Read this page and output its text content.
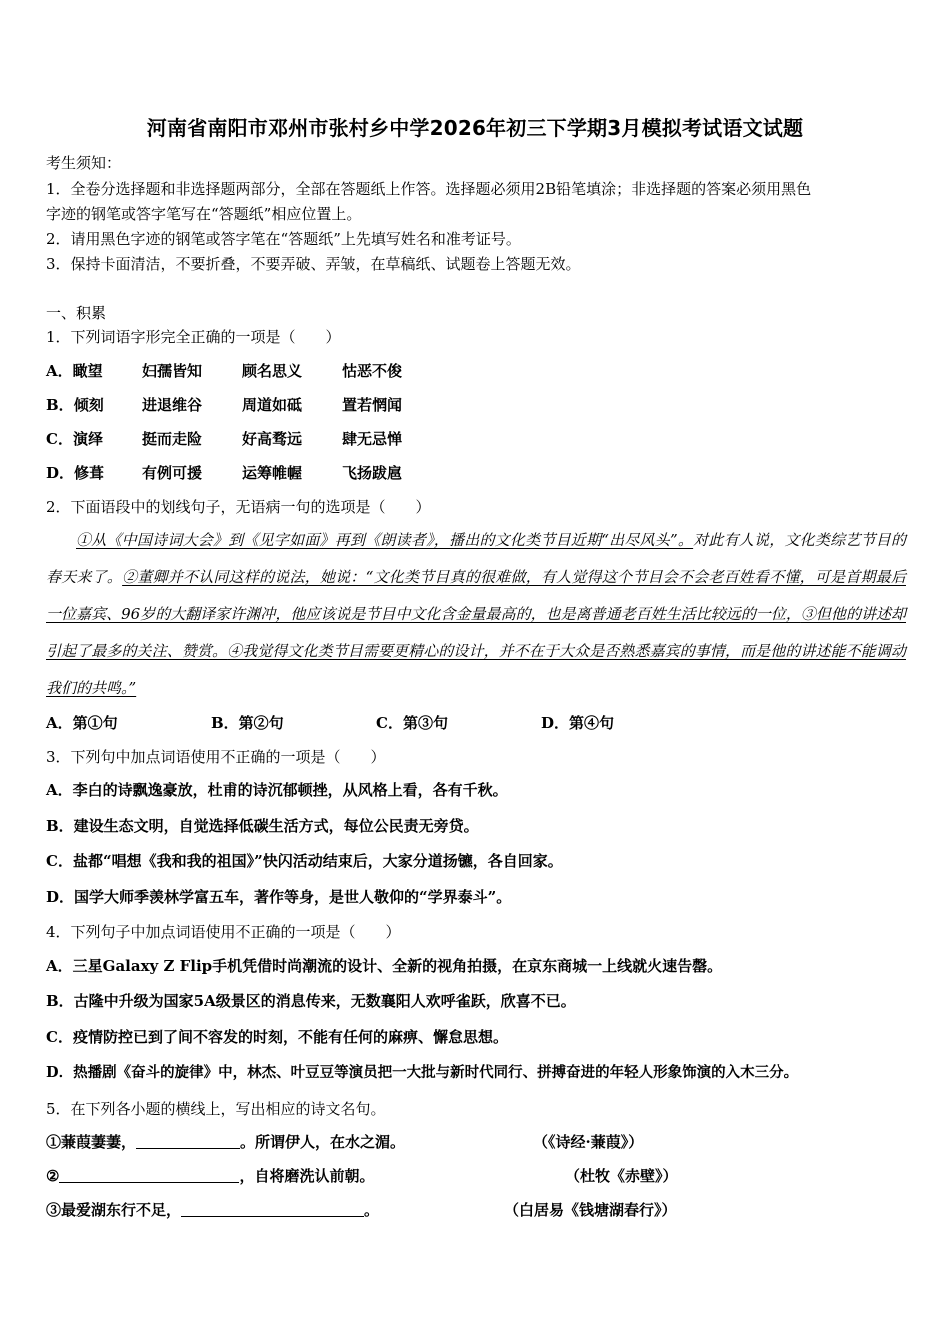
河南省南阳市邓州市张村乡中学2026年初三下学期3月模拟考试语文试题
考生须知：
1．全卷分选择题和非选择题两部分，全部在答题纸上作答。选择题必须用2B铅笔填涂；非选择题的答案必须用黑色
字迹的钢笔或答字笔写在“答题纸”相应位置上。
2．请用黑色字迹的钢笔或答字笔在“答题纸”上先填写姓名和准考证号。
3．保持卡面清洁，不要折叠，不要弄破、弄皱，在草稿纸、试题卷上答题无效。
一、积累
1．下列词语字形完全正确的一项是（　　）
A．瞰望	妇孺皆知	顾名思义	怙恶不俊
B．倾刻	进退维谷	周道如砥	置若惘闻
C．演绎	挺而走险	好高骛远	肆无忌惮
D．修葺	有例可援	运筹帷幄	飞扬跋扈
2．下面语段中的划线句子，无语病一句的选项是（　　）
①从《中国诗词大会》到《见字如面》再到《朗读者》，播出的文化类节目近期“出尽风头”。对此有人说，文化类综艺节目的春天来了。②董卿并不认同这样的说法，她说：“文化类节目真的很难做，有人觉得这个节目会不会老百姓看不懂，可是首期最后一位嘉宾、96岁的大翻译家许渊冲，他应该说是节目中文化含金量最高的，也是离普通老百姓生活比较远的一位，③但他的讲述却引起了最多的关注、赞赏。④我觉得文化类节目需要更精心的设计，并不在于大众是否熟悉嘉宾的事情，而是他的讲述能不能调动我们的共鸣。”
A．第①句	B．第②句	C．第③句	D．第④句
3．下列句中加点词语使用不正确的一项是（　　）
A．李白的诗飘逸豪放，杜甫的诗沉郁顿挫，从风格上看，各有千秋。
B．建设生态文明，自觉选择低碳生活方式，每位公民责无旁贷。
C．盐都“唱想《我和我的祖国》”快闪活动结束后，大家分道扬镳，各自回家。
D．国学大师季羡林学富五车，著作等身，是世人敬仰的“学界泰斗”。
4．下列句子中加点词语使用不正确的一项是（　　）
A．三星Galaxy Z Flip手机凭借时尚潮流的设计、全新的视角拍摄，在京东商城一上线就火速告罄。
B．古隆中升级为国家5A级景区的消息传来，无数襄阳人欢呼雀跃，欣喜不已。
C．疫情防控已到了间不容发的时刻，不能有任何的麻痹、懈怠思想。
D．热播剧《奋斗的旋律》中，林杰、叶豆豆等演员把一大批与新时代同行、拼搏奋进的年轻人形象饰演的入木三分。
5．在下列各小题的横线上，写出相应的诗文名句。
①蒹葭萋萋，	。所谓伊人，在水之湄。	（《诗经·蒹葭》）
②	，自将磨洗认前朝。	（杜牧《赤壁》）
③最爱湖东行不足，	。	（白居易《钱塘湖春行》）
